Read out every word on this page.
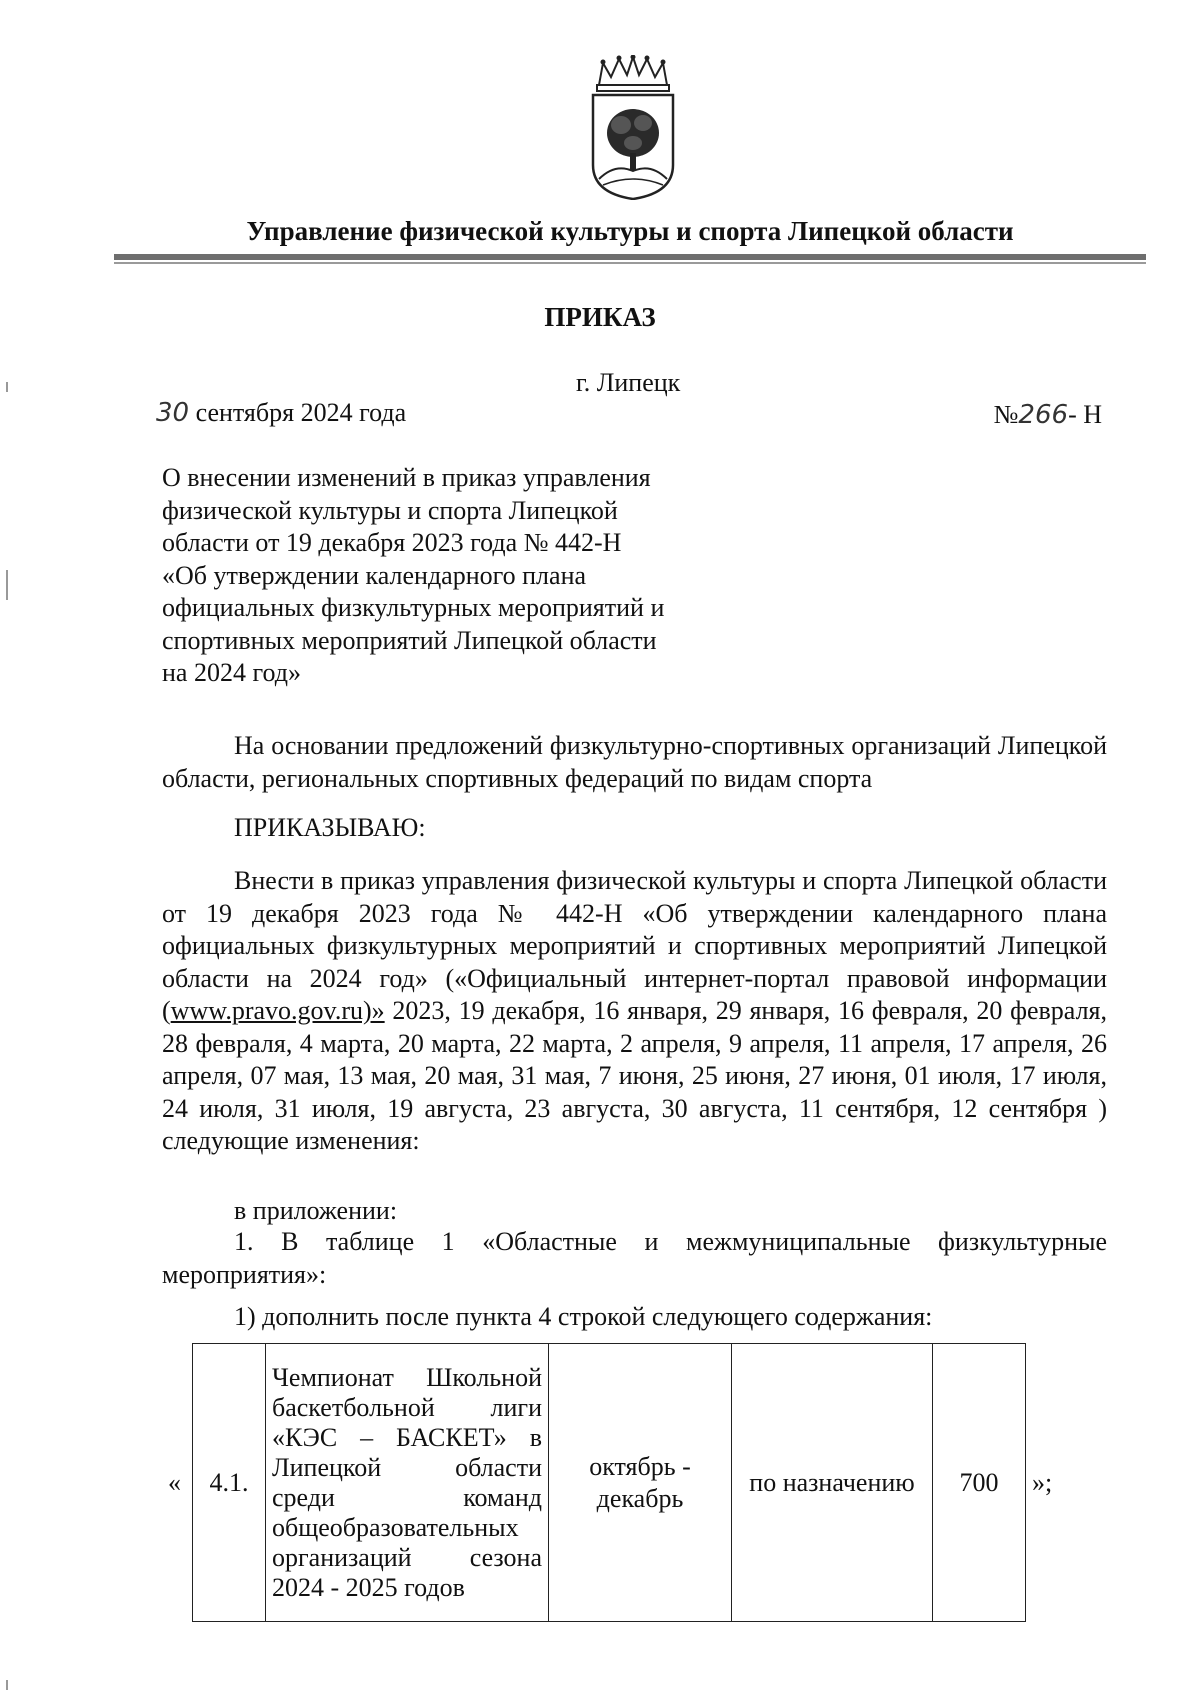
Управление физической культуры и спорта Липецкой области
ПРИКАЗ
г. Липецк
30 сентября 2024 года	№266- Н
О внесении изменений в приказ управления
физической культуры и спорта Липецкой
области от 19 декабря 2023 года № 442-Н
«Об утверждении календарного плана
официальных физкультурных мероприятий и
спортивных мероприятий Липецкой области
на 2024 год»

На основании предложений физкультурно-спортивных организаций Липецкой области, региональных спортивных федераций по видам спорта

ПРИКАЗЫВАЮ:

Внести в приказ управления физической культуры и спорта Липецкой области от 19 декабря 2023 года № 442-Н «Об утверждении календарного плана официальных физкультурных мероприятий и спортивных мероприятий Липецкой области на 2024 год» («Официальный интернет-портал правовой информации (www.pravo.gov.ru)» 2023, 19 декабря, 16 января, 29 января, 16 февраля, 20 февраля, 28 февраля, 4 марта, 20 марта, 22 марта, 2 апреля, 9 апреля, 11 апреля, 17 апреля, 26 апреля, 07 мая, 13 мая, 20 мая, 31 мая, 7 июня, 25 июня, 27 июня, 01 июля, 17 июля, 24 июля, 31 июля, 19 августа, 23 августа, 30 августа, 11 сентября, 12 сентября ) следующие изменения:

в приложении:

1. В таблице 1 «Областные и межмуниципальные физкультурные мероприятия»:

1) дополнить после пункта 4 строкой следующего содержания:

«	4.1.	Чемпионат Школьной баскетбольной лиги «КЭС – БАСКЕТ» в Липецкой области среди команд общеобразовательных организаций сезона 2024 - 2025 годов	октябрь - декабрь	по назначению	700	»;
